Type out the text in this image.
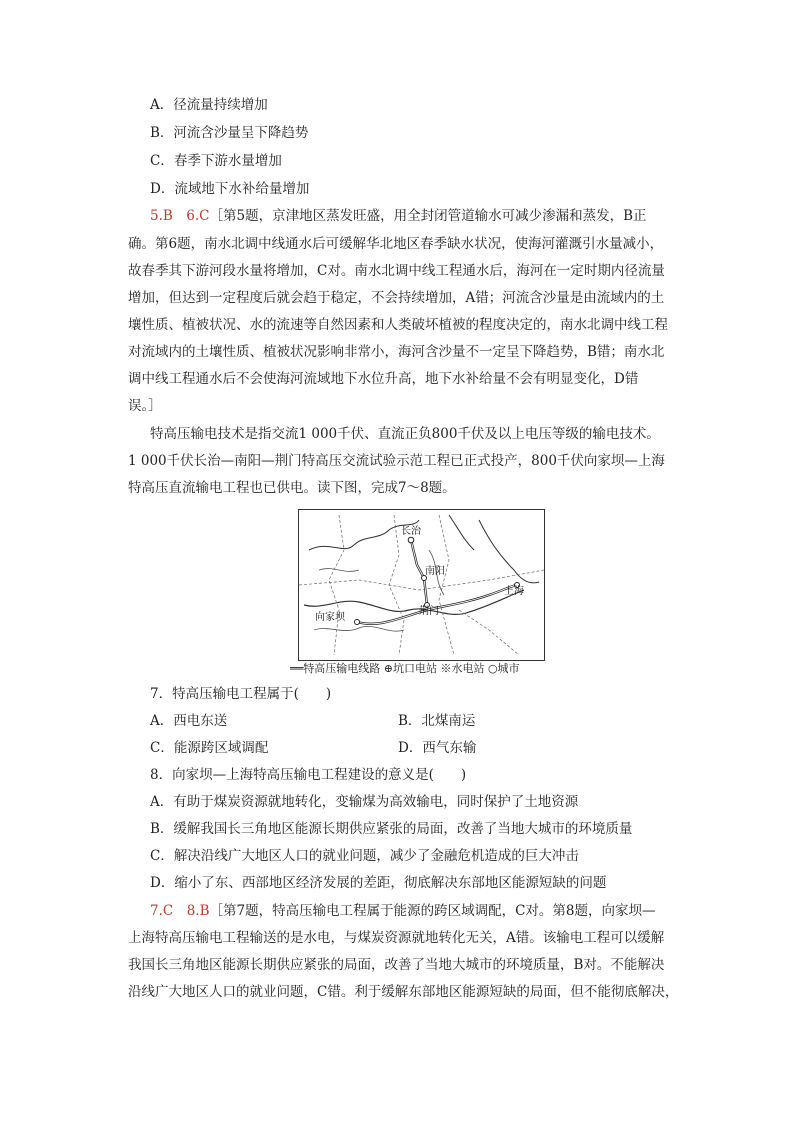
A．径流量持续增加
B．河流含沙量呈下降趋势
C．春季下游水量增加
D．流域地下水补给量增加
5.B　6.C［第5题，京津地区蒸发旺盛，用全封闭管道输水可减少渗漏和蒸发，B正
确。第6题，南水北调中线通水后可缓解华北地区春季缺水状况，使海河灌溉引水量减小，
故春季其下游河段水量将增加，C对。南水北调中线工程通水后，海河在一定时期内径流量
增加，但达到一定程度后就会趋于稳定，不会持续增加，A错；河流含沙量是由流域内的土
壤性质、植被状况、水的流速等自然因素和人类破坏植被的程度决定的，南水北调中线工程
对流域内的土壤性质、植被状况影响非常小，海河含沙量不一定呈下降趋势，B错；南水北
调中线工程通水后不会使海河流域地下水位升高，地下水补给量不会有明显变化，D错
误。］
特高压输电技术是指交流1 000千伏、直流正负800千伏及以上电压等级的输电技术。
1 000千伏长治—南阳—荆门特高压交流试验示范工程已正式投产，800千伏向家坝—上海
特高压直流输电工程也已供电。读下图，完成7～8题。
长治
南阳
荆门
向家坝
上海
══特高压输电线路 ⊕坑口电站 ※水电站 ○城市
7．特高压输电工程属于(　　)
A．西电东送	B．北煤南运
C．能源跨区域调配	D．西气东输
8．向家坝—上海特高压输电工程建设的意义是(　　)
A．有助于煤炭资源就地转化，变输煤为高效输电，同时保护了土地资源
B．缓解我国长三角地区能源长期供应紧张的局面，改善了当地大城市的环境质量
C．解决沿线广大地区人口的就业问题，减少了金融危机造成的巨大冲击
D．缩小了东、西部地区经济发展的差距，彻底解决东部地区能源短缺的问题
7.C　8.B［第7题，特高压输电工程属于能源的跨区域调配，C对。第8题，向家坝—
上海特高压输电工程输送的是水电，与煤炭资源就地转化无关，A错。该输电工程可以缓解
我国长三角地区能源长期供应紧张的局面，改善了当地大城市的环境质量，B对。不能解决
沿线广大地区人口的就业问题，C错。利于缓解东部地区能源短缺的局面，但不能彻底解决，
